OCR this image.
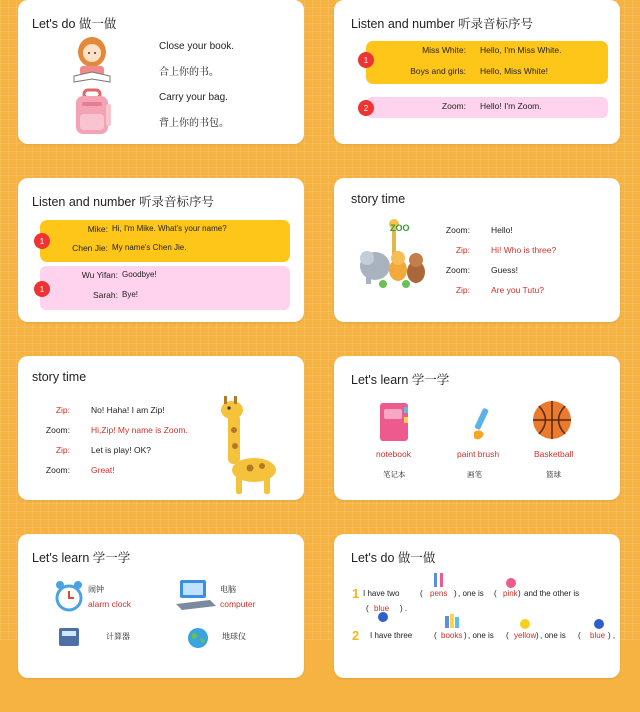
Let's do 做一做
Close your book.
合上你的书。
Carry your bag.
背上你的书包。
Listen and number 听录音标序号
1
Miss White: Hello, I'm Miss White.
Boys and girls: Hello, Miss White!
2	Zoom: Hello! I'm Zoom.
Listen and number 听录音标序号
1
Mike: Hi, I'm Mike. What's your name?
Chen Jie: My name's Chen Jie.
1
Wu Yifan: Goodbye!
Sarah: Bye!
story time
ZOO	Zoom: Hello!
Zip: Hi! Who is three?
Zoom: Guess!
Zip: Are you Tutu?
story time
Zip: No! Haha! I am Zip!
Zoom: Hi,Zip! My name is Zoom.
Zip: Let is play! OK?
Zoom: Great!
Let's learn 学一学
notebook
笔记本
paint brush
画笔
Basketball
篮球
Let's learn 学一学
闹钟
alarm clock
电脑
computer
计算器	地球仪
Let's do 做一做
1 I have two	( pens ) , one is ( pink ) and the other is
( blue ) .
2 I have three	( books ) , one is ( yellow ) , one is ( blue ) ,
